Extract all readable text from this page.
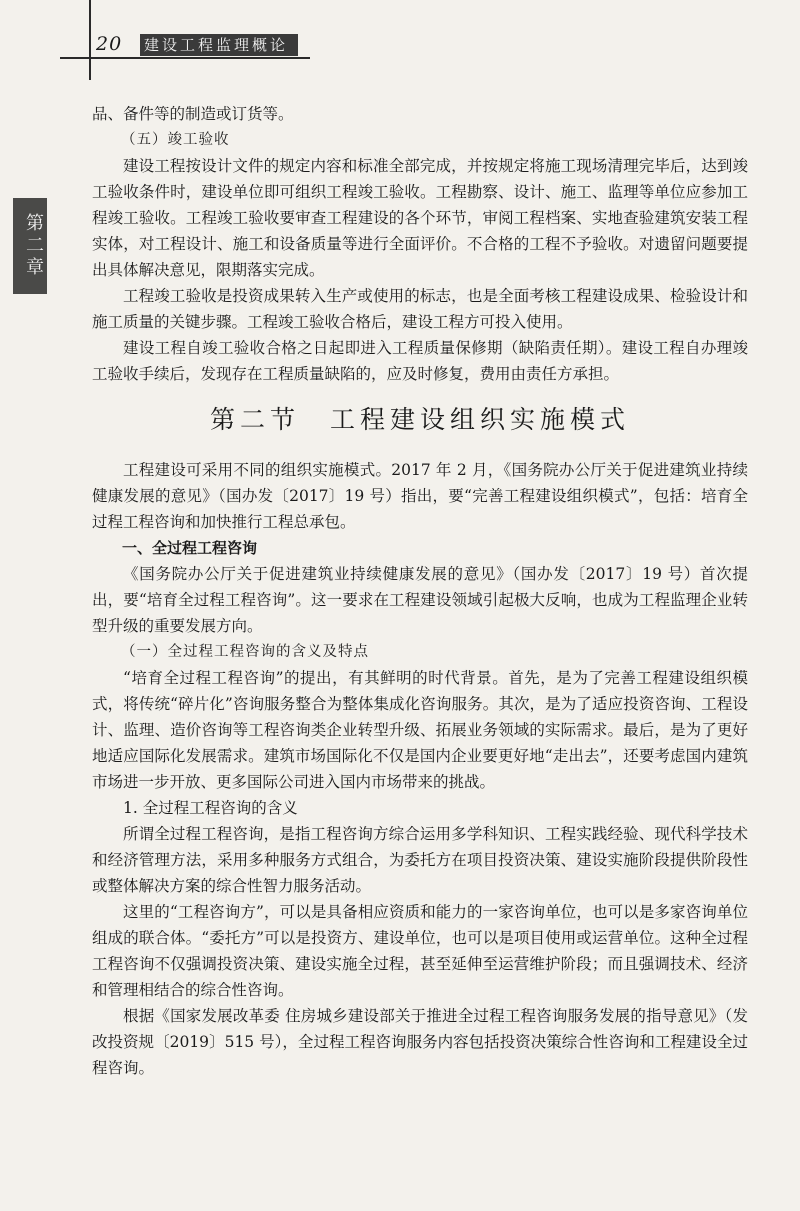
20 建设工程监理概论
第二章

品、备件等的制造或订货等。

（五）竣工验收

建设工程按设计文件的规定内容和标准全部完成，并按规定将施工现场清理完毕后，达到竣工验收条件时，建设单位即可组织工程竣工验收。工程勘察、设计、施工、监理等单位应参加工程竣工验收。工程竣工验收要审查工程建设的各个环节，审阅工程档案、实地查验建筑安装工程实体，对工程设计、施工和设备质量等进行全面评价。不合格的工程不予验收。对遗留问题要提出具体解决意见，限期落实完成。

工程竣工验收是投资成果转入生产或使用的标志，也是全面考核工程建设成果、检验设计和施工质量的关键步骤。工程竣工验收合格后，建设工程方可投入使用。

建设工程自竣工验收合格之日起即进入工程质量保修期（缺陷责任期）。建设工程自办理竣工验收手续后，发现存在工程质量缺陷的，应及时修复，费用由责任方承担。

第二节　工程建设组织实施模式

工程建设可采用不同的组织实施模式。2017 年 2 月，《国务院办公厅关于促进建筑业持续健康发展的意见》（国办发〔2017〕19 号）指出，要“完善工程建设组织模式”，包括：培育全过程工程咨询和加快推行工程总承包。

一、全过程工程咨询

《国务院办公厅关于促进建筑业持续健康发展的意见》（国办发〔2017〕19 号）首次提出，要“培育全过程工程咨询”。这一要求在工程建设领域引起极大反响，也成为工程监理企业转型升级的重要发展方向。

（一）全过程工程咨询的含义及特点

“培育全过程工程咨询”的提出，有其鲜明的时代背景。首先，是为了完善工程建设组织模式，将传统“碎片化”咨询服务整合为整体集成化咨询服务。其次，是为了适应投资咨询、工程设计、监理、造价咨询等工程咨询类企业转型升级、拓展业务领域的实际需求。最后，是为了更好地适应国际化发展需求。建筑市场国际化不仅是国内企业要更好地“走出去”，还要考虑国内建筑市场进一步开放、更多国际公司进入国内市场带来的挑战。

1. 全过程工程咨询的含义

所谓全过程工程咨询，是指工程咨询方综合运用多学科知识、工程实践经验、现代科学技术和经济管理方法，采用多种服务方式组合，为委托方在项目投资决策、建设实施阶段提供阶段性或整体解决方案的综合性智力服务活动。

这里的“工程咨询方”，可以是具备相应资质和能力的一家咨询单位，也可以是多家咨询单位组成的联合体。“委托方”可以是投资方、建设单位，也可以是项目使用或运营单位。这种全过程工程咨询不仅强调投资决策、建设实施全过程，甚至延伸至运营维护阶段；而且强调技术、经济和管理相结合的综合性咨询。

根据《国家发展改革委 住房城乡建设部关于推进全过程工程咨询服务发展的指导意见》（发改投资规〔2019〕515 号），全过程工程咨询服务内容包括投资决策综合性咨询和工程建设全过程咨询。
